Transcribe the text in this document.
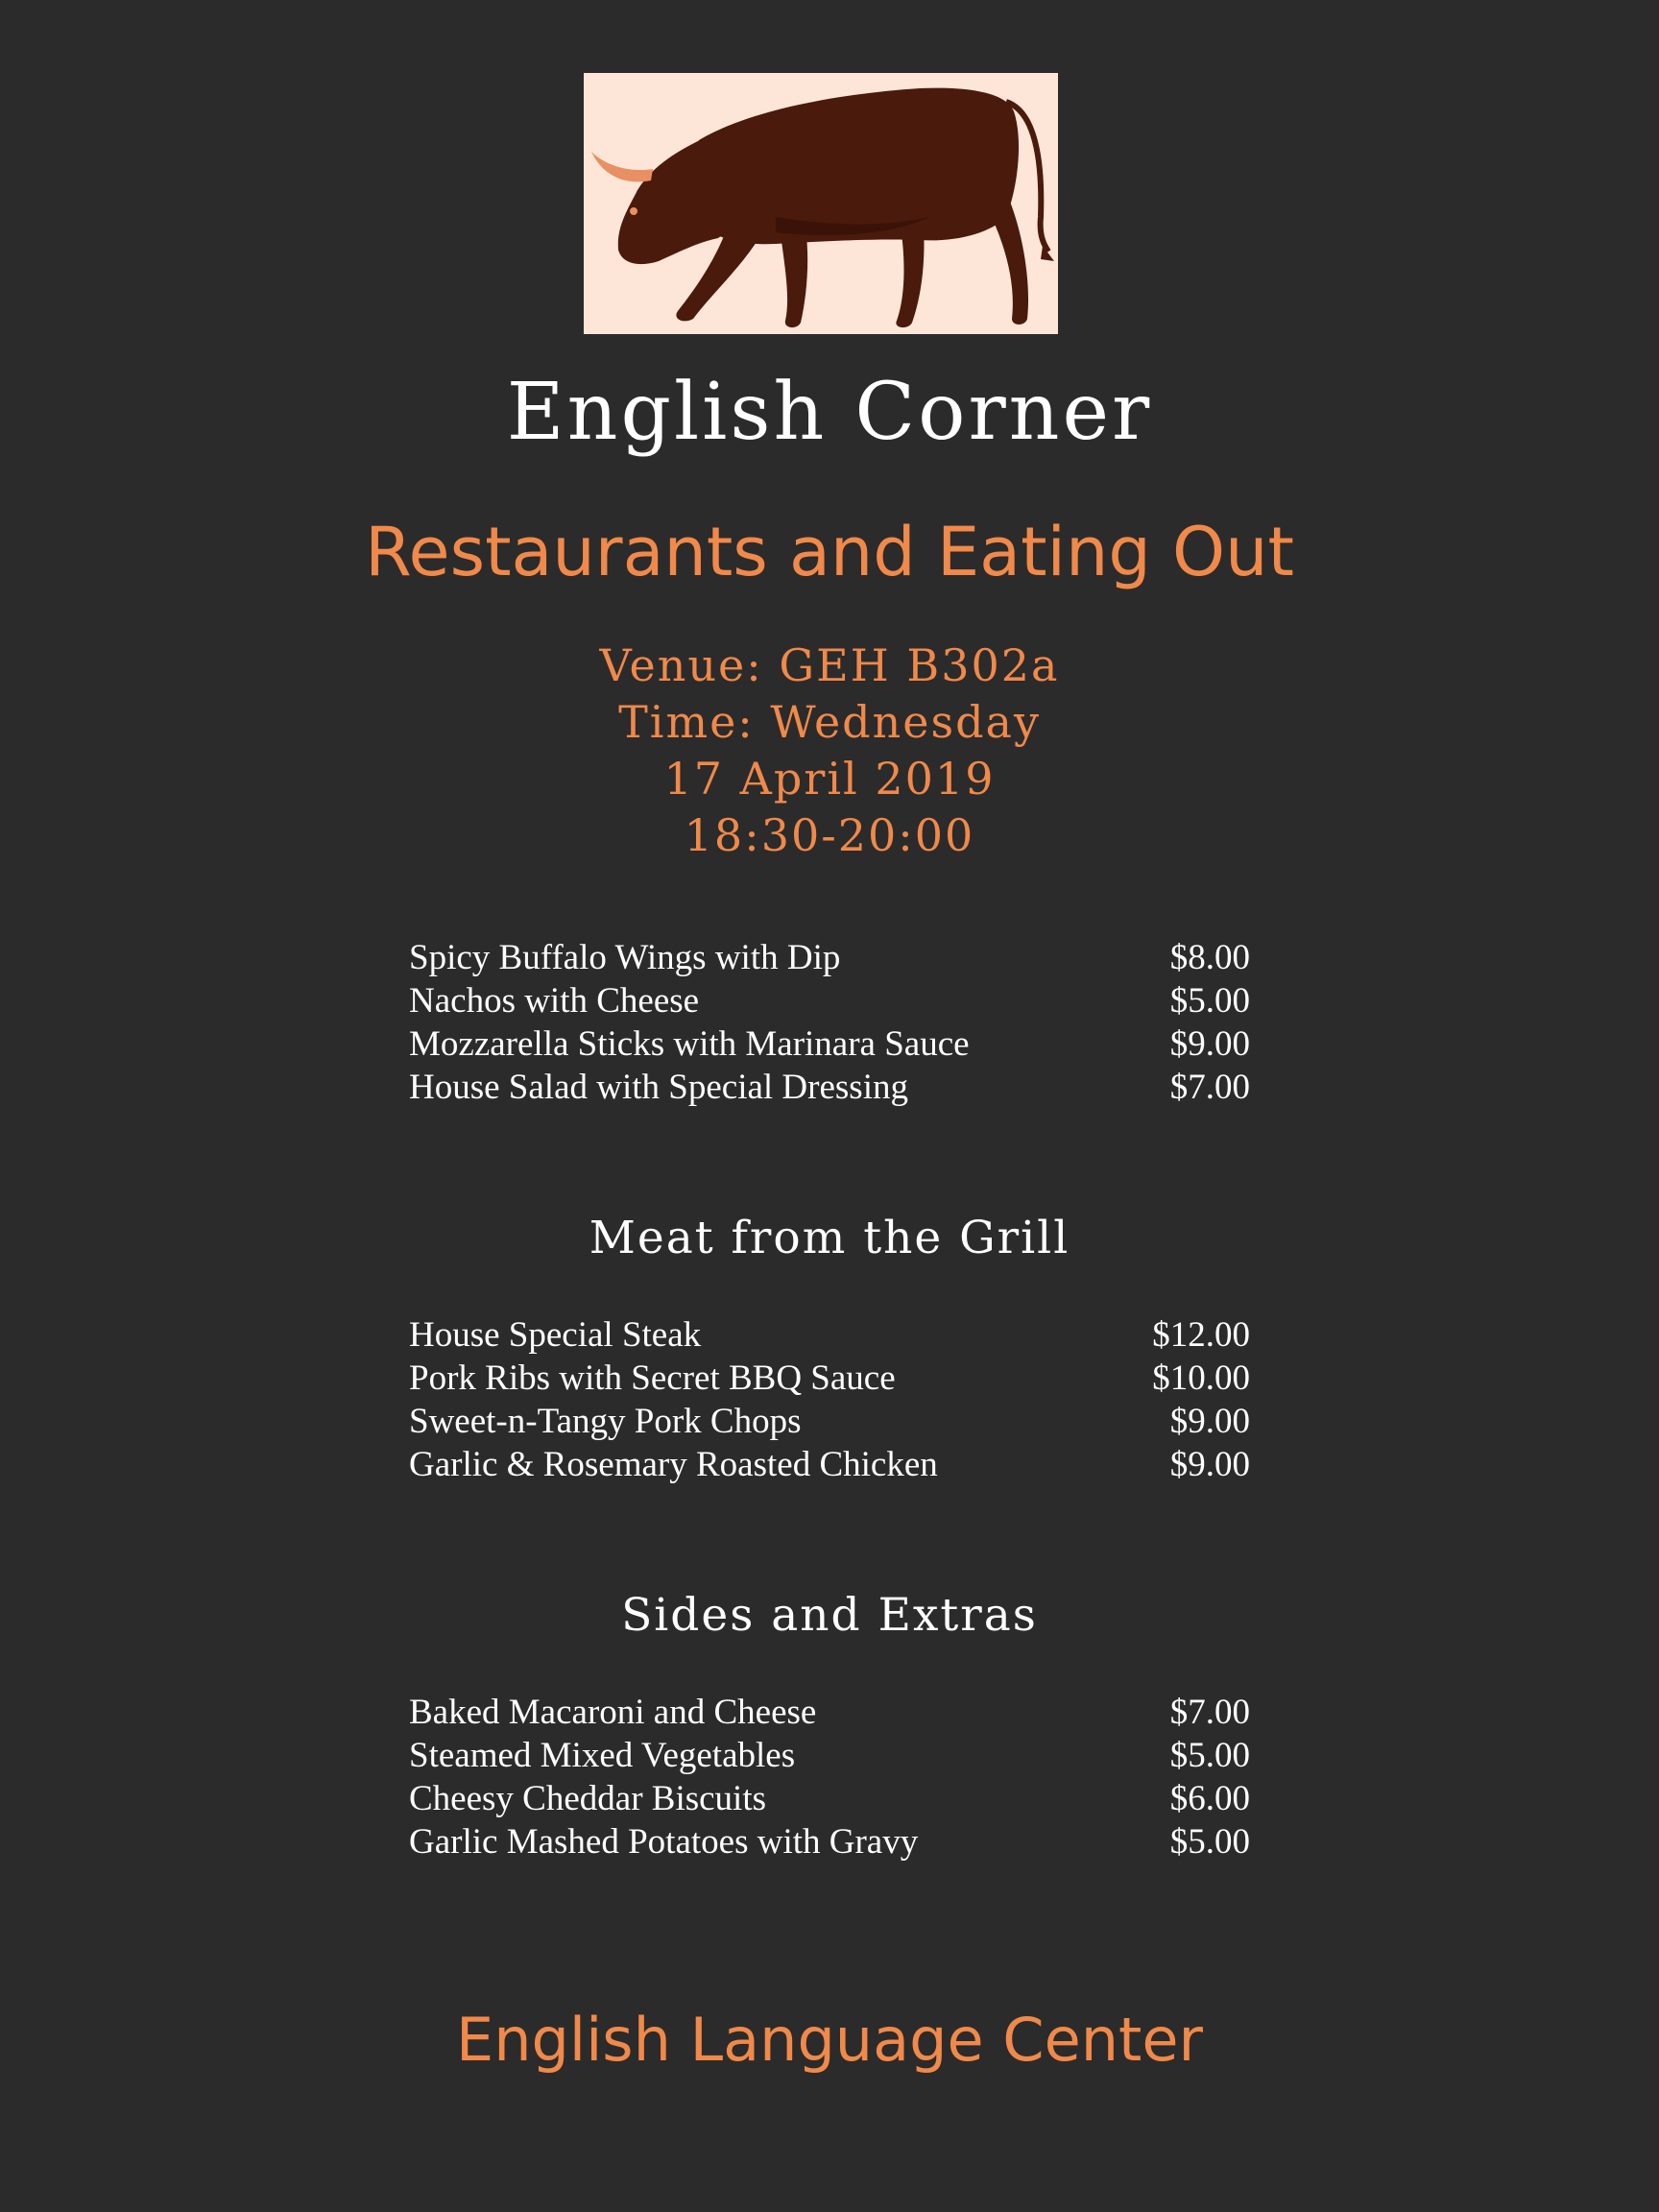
English Corner
Restaurants and Eating Out
Venue: GEH B302a
Time: Wednesday
17 April 2019
18:30-20:00
Spicy Buffalo Wings with Dip	$8.00
Nachos with Cheese	$5.00
Mozzarella Sticks with Marinara Sauce	$9.00
House Salad with Special Dressing	$7.00
Meat from the Grill
House Special Steak	$12.00
Pork Ribs with Secret BBQ Sauce	$10.00
Sweet-n-Tangy Pork Chops	$9.00
Garlic & Rosemary Roasted Chicken	$9.00
Sides and Extras
Baked Macaroni and Cheese	$7.00
Steamed Mixed Vegetables	$5.00
Cheesy Cheddar Biscuits	$6.00
Garlic Mashed Potatoes with Gravy	$5.00
English Language Center
